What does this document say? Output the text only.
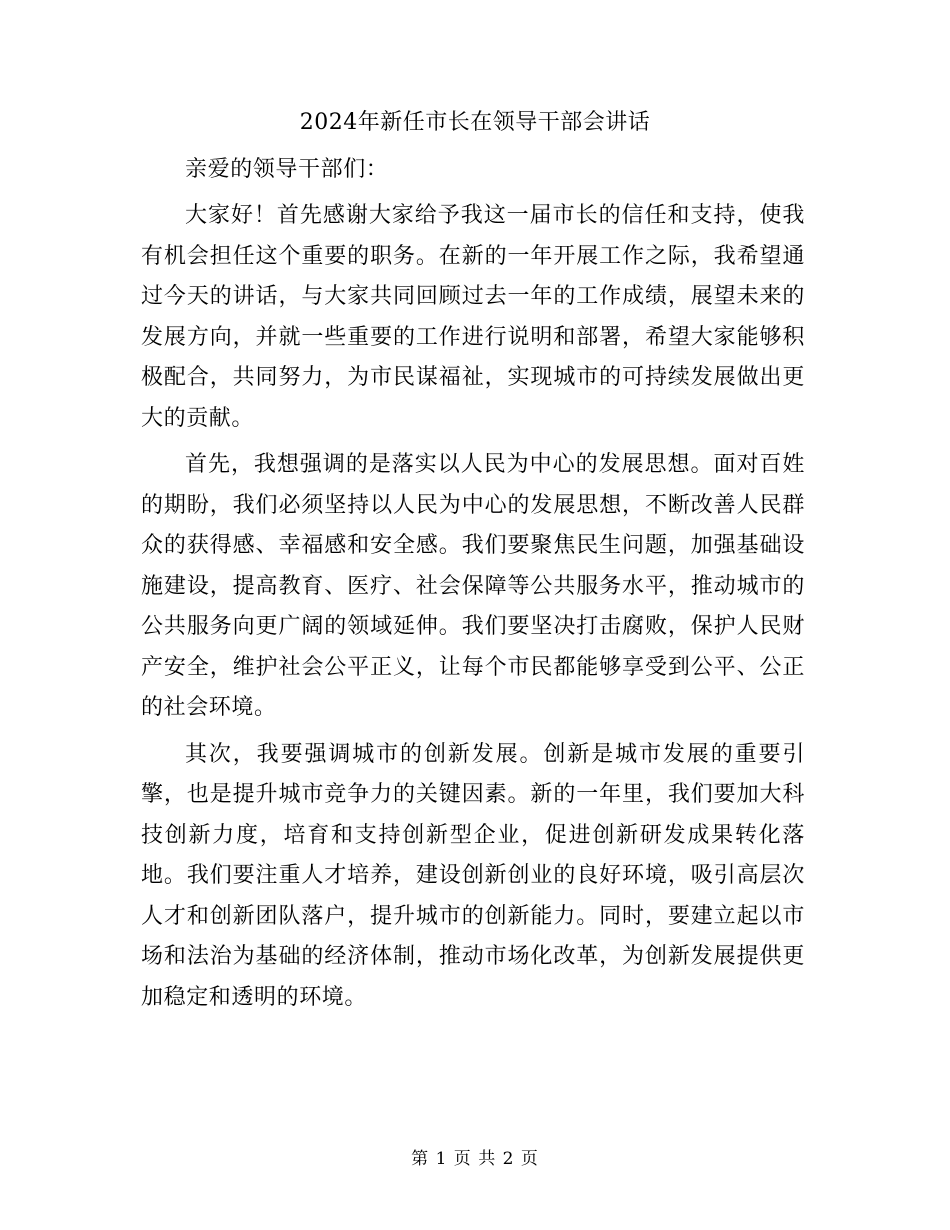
2024年新任市长在领导干部会讲话

亲爱的领导干部们：

大家好！首先感谢大家给予我这一届市长的信任和支持，使我有机会担任这个重要的职务。在新的一年开展工作之际，我希望通过今天的讲话，与大家共同回顾过去一年的工作成绩，展望未来的发展方向，并就一些重要的工作进行说明和部署，希望大家能够积极配合，共同努力，为市民谋福祉，实现城市的可持续发展做出更大的贡献。

首先，我想强调的是落实以人民为中心的发展思想。面对百姓的期盼，我们必须坚持以人民为中心的发展思想，不断改善人民群众的获得感、幸福感和安全感。我们要聚焦民生问题，加强基础设施建设，提高教育、医疗、社会保障等公共服务水平，推动城市的公共服务向更广阔的领域延伸。我们要坚决打击腐败，保护人民财产安全，维护社会公平正义，让每个市民都能够享受到公平、公正的社会环境。

其次，我要强调城市的创新发展。创新是城市发展的重要引擎，也是提升城市竞争力的关键因素。新的一年里，我们要加大科技创新力度，培育和支持创新型企业，促进创新研发成果转化落地。我们要注重人才培养，建设创新创业的良好环境，吸引高层次人才和创新团队落户，提升城市的创新能力。同时，要建立起以市场和法治为基础的经济体制，推动市场化改革，为创新发展提供更加稳定和透明的环境。

第 1 页 共 2 页
